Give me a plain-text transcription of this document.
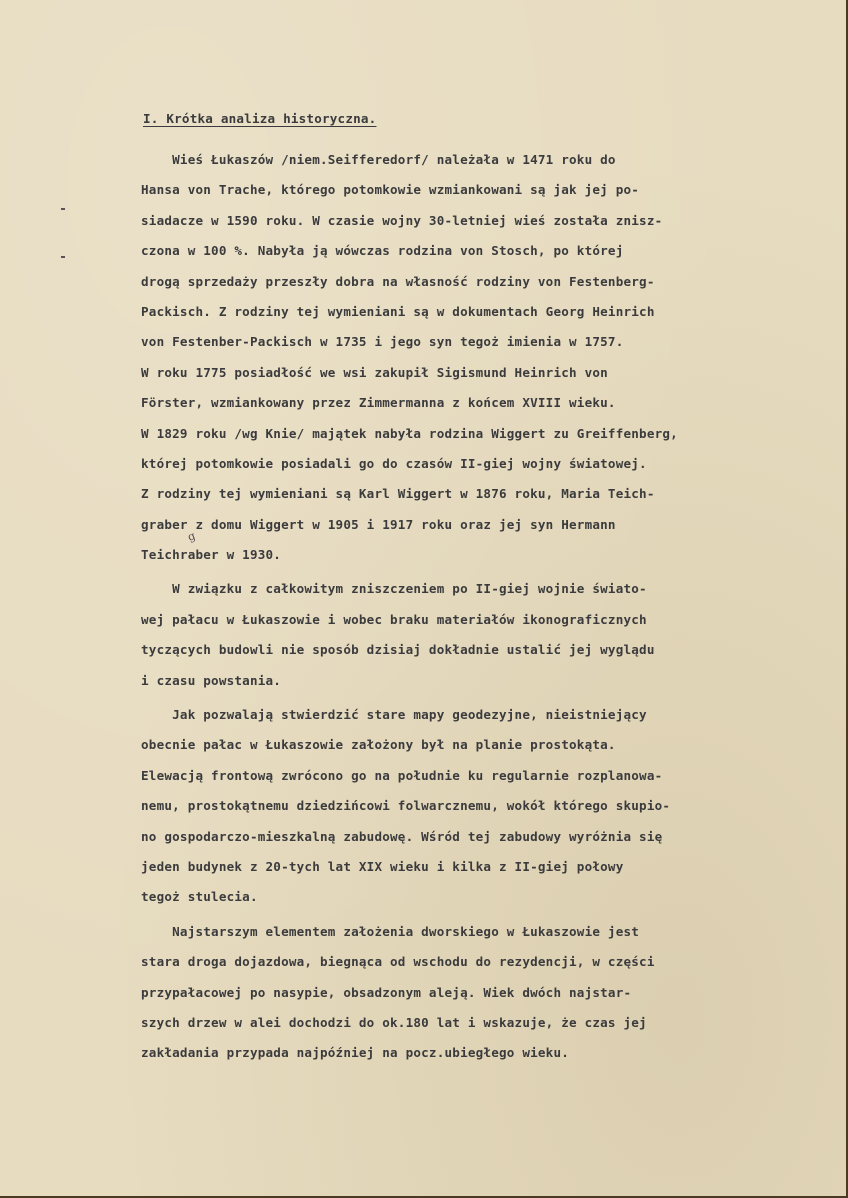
I. Krótka analiza historyczna.
Wieś Łukaszów /niem.Seifferedorf/ należała w 1471 roku do
Hansa von Trache, którego potomkowie wzmiankowani są jak jej po-
siadacze w 1590 roku. W czasie wojny 30-letniej wieś została znisz-
czona w 100 %. Nabyła ją wówczas rodzina von Stosch, po której
drogą sprzedaży przeszły dobra na własność rodziny von Festenberg-
Packisch. Z rodziny tej wymieniani są w dokumentach Georg Heinrich
von Festenber-Packisch w 1735 i jego syn tegoż imienia w 1757.
W roku 1775 posiadłość we wsi zakupił Sigismund Heinrich von
Förster, wzmiankowany przez Zimmermanna z końcem XVIII wieku.
W 1829 roku /wg Knie/ majątek nabyła rodzina Wiggert zu Greiffenberg,
której potomkowie posiadali go do czasów II-giej wojny światowej.
Z rodziny tej wymieniani są Karl Wiggert w 1876 roku, Maria Teich-
graber z domu Wiggert w 1905 i 1917 roku oraz jej syn Hermann
Teichraber w 1930.
W związku z całkowitym zniszczeniem po II-giej wojnie świato-
wej pałacu w Łukaszowie i wobec braku materiałów ikonograficznych
tyczących budowli nie sposób dzisiaj dokładnie ustalić jej wyglądu
i czasu powstania.
Jak pozwalają stwierdzić stare mapy geodezyjne, nieistniejący
obecnie pałac w Łukaszowie założony był na planie prostokąta.
Elewacją frontową zwrócono go na południe ku regularnie rozplanowa-
nemu, prostokątnemu dziedzińcowi folwarcznemu, wokół którego skupio-
no gospodarczo-mieszkalną zabudowę. Wśród tej zabudowy wyróżnia się
jeden budynek z 20-tych lat XIX wieku i kilka z II-giej połowy
tegoż stulecia.
Najstarszym elementem założenia dworskiego w Łukaszowie jest
stara droga dojazdowa, biegnąca od wschodu do rezydencji, w części
przypałacowej po nasypie, obsadzonym aleją. Wiek dwóch najstar-
szych drzew w alei dochodzi do ok.180 lat i wskazuje, że czas jej
zakładania przypada najpóźniej na pocz.ubiegłego wieku.
g
